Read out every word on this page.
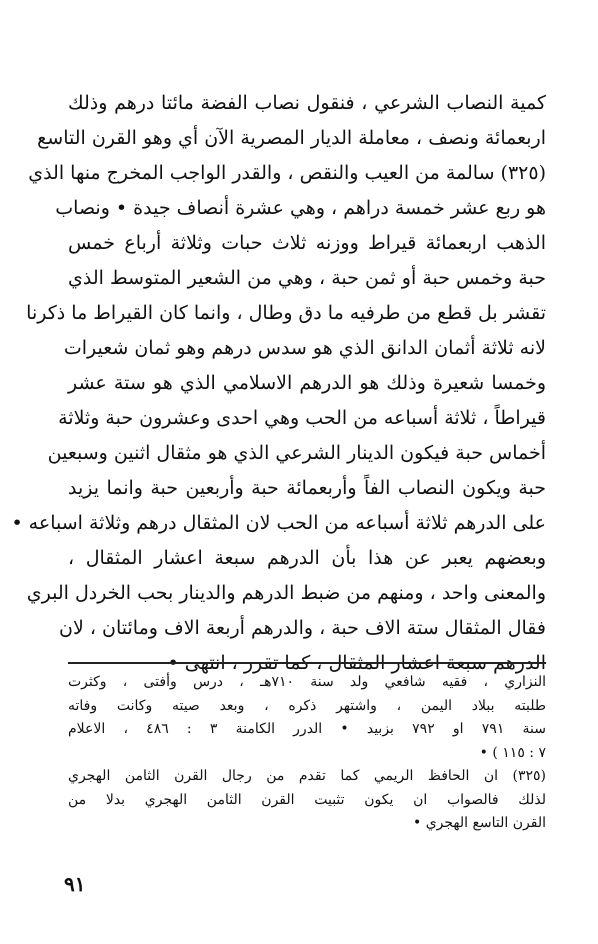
كمية النصاب الشرعي ، فنقول نصاب الفضة مائتا درهم وذلك
اربعمائة ونصف ، معاملة الديار المصرية الآن أي وهو القرن التاسع
(٣٢٥) سالمة من العيب والنقص ، والقدر الواجب المخرج منها الذي
هو ربع عشر خمسة دراهم ، وهي عشرة أنصاف جيدة • ونصاب
الذهب اربعمائة قيراط ووزنه ثلاث حبات وثلاثة أرباع خمس
حبة وخمس حبة أو ثمن حبة ، وهي من الشعير المتوسط الذي
تقشر بل قطع من طرفيه ما دق وطال ، وانما كان القيراط ما ذكرنا
لانه ثلاثة أثمان الدانق الذي هو سدس درهم وهو ثمان شعيرات
وخمسا شعيرة وذلك هو الدرهم الاسلامي الذي هو ستة عشر
قيراطاً ، ثلاثة أسباعه من الحب وهي احدى وعشرون حبة وثلاثة
أخماس حبة فيكون الدينار الشرعي الذي هو مثقال اثنين وسبعين
حبة ويكون النصاب الفاً وأربعمائة حبة وأربعين حبة وانما يزيد
على الدرهم ثلاثة أسباعه من الحب لان المثقال درهم وثلاثة اسباعه •
وبعضهم يعبر عن هذا بأن الدرهم سبعة اعشار المثقال ،
والمعنى واحد ، ومنهم من ضبط الدرهم والدينار بحب الخردل البري
فقال المثقال ستة الاف حبة ، والدرهم أربعة الاف ومائتان ، لان
الدرهم سبعة اعشار المثقال ، كما تقرر ، انتهى •
النزاري ، فقيه شافعي ولد سنة ٧١٠هـ ، درس وأفتى ، وكثرت
طلبته ببلاد اليمن ، واشتهر ذكره ، وبعد صيته وكانت وفاته
سنة ٧٩١ او ٧٩٢ بزبيد • الدرر الكامنة ٣ : ٤٨٦ ، الاعلام
٧ : ١١٥ ) •
(٣٢٥) ان الحافظ الريمي كما تقدم من رجال القرن الثامن الهجري
لذلك فالصواب ان يكون تثبيت القرن الثامن الهجري بدلا من
القرن التاسع الهجري •
٩١
